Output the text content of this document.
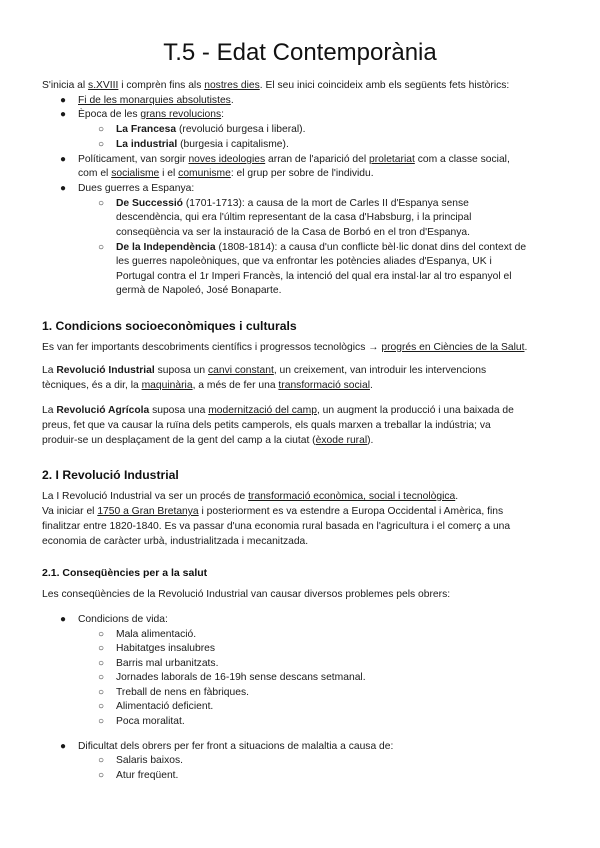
T.5 - Edat Contemporània

S'inicia al s.XVIII i comprèn fins als nostres dies. El seu inici coincideix amb els següents fets històrics:

● Fi de les monarquies absolutistes.

● Època de les grans revolucions:

○ La Francesa (revolució burgesa i liberal).

○ La industrial (burgesia i capitalisme).

● Políticament, van sorgir noves ideologies arran de l'aparició del proletariat com a classe social,

com el socialisme i el comunisme: el grup per sobre de l'individu.

● Dues guerres a Espanya:

○ De Successió (1701-1713): a causa de la mort de Carles II d'Espanya sense

descendència, qui era l'últim representant de la casa d'Habsburg, i la principal

conseqüència va ser la instauració de la Casa de Borbó en el tron d'Espanya.

○ De la Independència (1808-1814): a causa d'un conflicte bèl·lic donat dins del context de

les guerres napoleòniques, que va enfrontar les potències aliades d'Espanya, UK i

Portugal contra el 1r Imperi Francès, la intenció del qual era instal·lar al tro espanyol el

germà de Napoleó, José Bonaparte.

1. Condicions socioeconòmiques i culturals

Es van fer importants descobriments científics i progressos tecnològics → progrés en Ciències de la Salut.

La Revolució Industrial suposa un canvi constant, un creixement, van introduir les intervencions

tècniques, és a dir, la maquinària, a més de fer una transformació social.

La Revolució Agrícola suposa una modernització del camp, un augment la producció i una baixada de

preus, fet que va causar la ruïna dels petits camperols, els quals marxen a treballar la indústria; va

produir-se un desplaçament de la gent del camp a la ciutat (èxode rural).

2. I Revolució Industrial

La I Revolució Industrial va ser un procés de transformació econòmica, social i tecnològica.

Va iniciar el 1750 a Gran Bretanya i posteriorment es va estendre a Europa Occidental i Amèrica, fins

finalitzar entre 1820-1840. Es va passar d'una economia rural basada en l'agricultura i el comerç a una

economia de caràcter urbà, industrialitzada i mecanitzada.

2.1. Conseqüències per a la salut

Les conseqüències de la Revolució Industrial van causar diversos problemes pels obrers:

● Condicions de vida:

○ Mala alimentació.

○ Habitatges insalubres

○ Barris mal urbanitzats.

○ Jornades laborals de 16-19h sense descans setmanal.

○ Treball de nens en fàbriques.

○ Alimentació deficient.

○ Poca moralitat.

● Dificultat dels obrers per fer front a situacions de malaltia a causa de:

○ Salaris baixos.

○ Atur freqüent.
